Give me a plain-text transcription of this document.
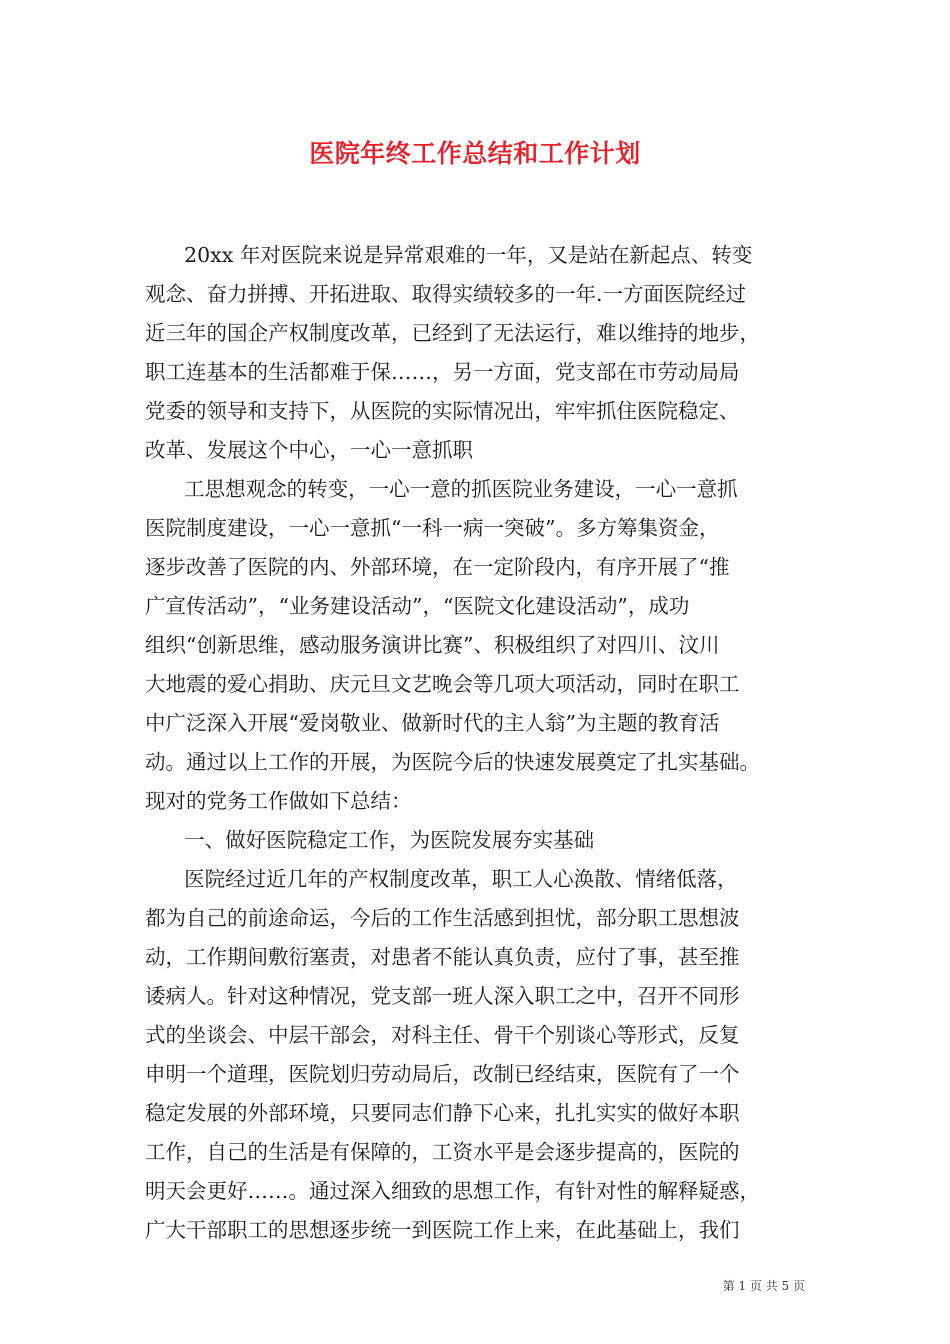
医院年终工作总结和工作计划
20xx 年对医院来说是异常艰难的一年，又是站在新起点、转变
观念、奋力拼搏、开拓进取、取得实绩较多的一年.一方面医院经过
近三年的国企产权制度改革，已经到了无法运行，难以维持的地步，
职工连基本的生活都难于保……，另一方面，党支部在市劳动局局
党委的领导和支持下，从医院的实际情况出，牢牢抓住医院稳定、
改革、发展这个中心，一心一意抓职
工思想观念的转变，一心一意的抓医院业务建设，一心一意抓
医院制度建设，一心一意抓“一科一病一突破”。多方筹集资金，
逐步改善了医院的内、外部环境，在一定阶段内，有序开展了“推
广宣传活动”，“业务建设活动”，“医院文化建设活动”，成功
组织“创新思维，感动服务演讲比赛”、积极组织了对四川、汶川
大地震的爱心捐助、庆元旦文艺晚会等几项大项活动，同时在职工
中广泛深入开展“爱岗敬业、做新时代的主人翁”为主题的教育活
动。通过以上工作的开展，为医院今后的快速发展奠定了扎实基础。
现对的党务工作做如下总结：
一、做好医院稳定工作，为医院发展夯实基础
医院经过近几年的产权制度改革，职工人心涣散、情绪低落，
都为自己的前途命运，今后的工作生活感到担忧，部分职工思想波
动，工作期间敷衍塞责，对患者不能认真负责，应付了事，甚至推
诿病人。针对这种情况，党支部一班人深入职工之中，召开不同形
式的坐谈会、中层干部会，对科主任、骨干个别谈心等形式，反复
申明一个道理，医院划归劳动局后，改制已经结束，医院有了一个
稳定发展的外部环境，只要同志们静下心来，扎扎实实的做好本职
工作，自己的生活是有保障的，工资水平是会逐步提高的，医院的
明天会更好……。通过深入细致的思想工作，有针对性的解释疑惑，
广大干部职工的思想逐步统一到医院工作上来，在此基础上，我们
第 1 页 共 5 页
